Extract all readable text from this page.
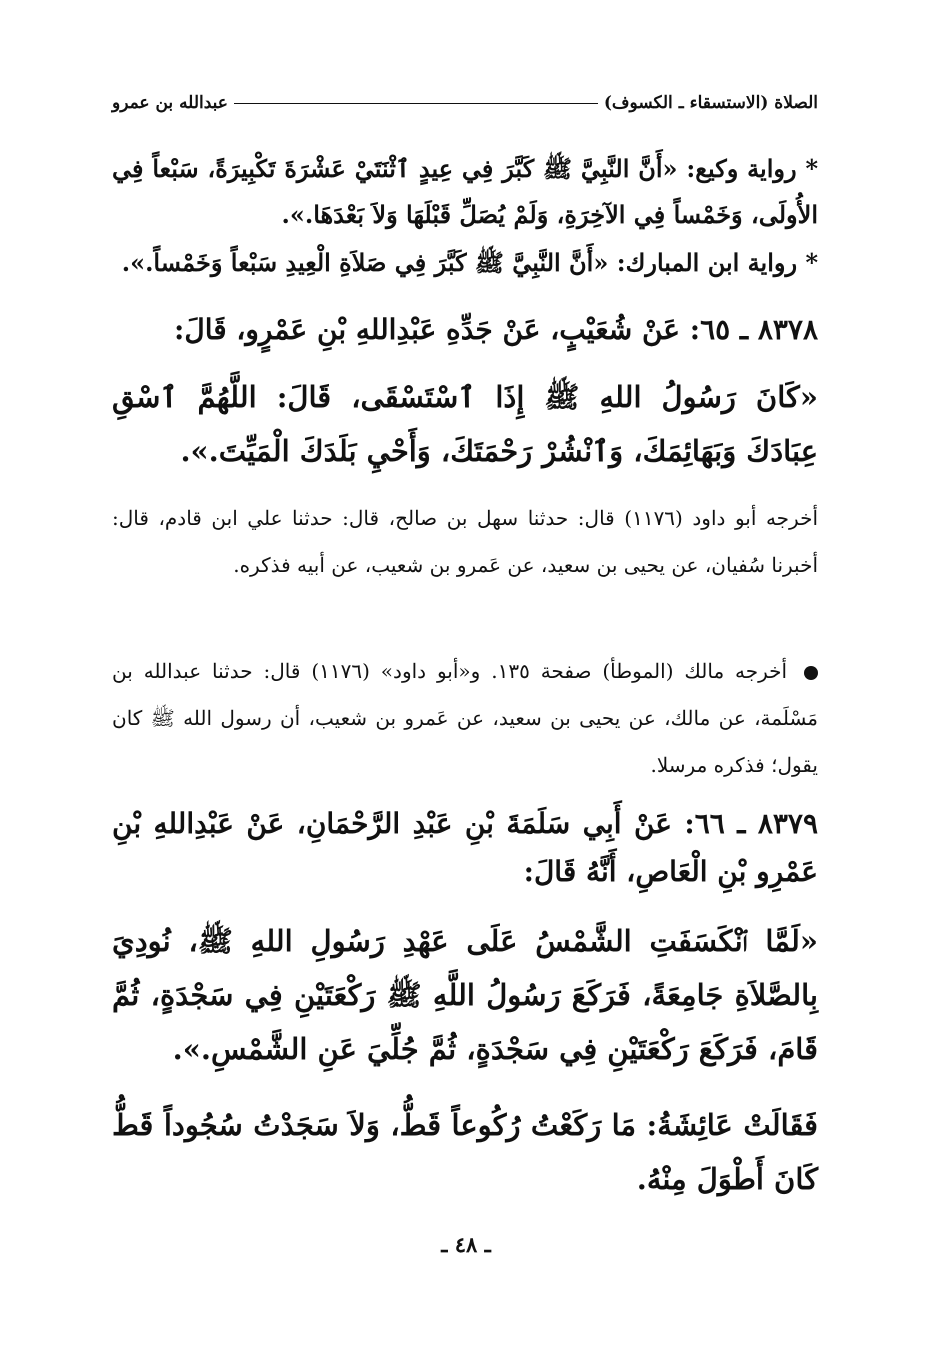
الصلاة (الاستسقاء ـ الكسوف)
عبدالله بن عمرو
* رواية وكيع: «أَنَّ النَّبِيَّ ﷺ كَبَّرَ فِي عِيدٍ ٱثْنَتَيْ عَشْرَةَ تَكْبِيرَةً، سَبْعاً فِي الأُولَى، وَخَمْساً فِي الآخِرَةِ، وَلَمْ يُصَلِّ قَبْلَهَا وَلاَ بَعْدَهَا.».
* رواية ابن المبارك: «أَنَّ النَّبِيَّ ﷺ كَبَّرَ فِي صَلاَةِ الْعِيدِ سَبْعاً وَخَمْساً.».
٨٣٧٨ ـ ٦٥: عَنْ شُعَيْبٍ، عَنْ جَدِّهِ عَبْدِاللهِ بْنِ عَمْرٍو، قَالَ:
«كَانَ رَسُولُ اللهِ ﷺ إِذَا ٱسْتَسْقَى، قَالَ: اللَّهُمَّ ٱسْقِ عِبَادَكَ وَبَهَائِمَكَ، وَٱنْشُرْ رَحْمَتَكَ، وَأَحْيِ بَلَدَكَ الْمَيِّتَ.».
أخرجه أبو داود (١١٧٦) قال: حدثنا سهل بن صالح، قال: حدثنا علي ابن قادم، قال: أخبرنا سُفيان، عن يحيى بن سعيد، عن عَمرو بن شعيب، عن أبيه فذكره.
أخرجه مالك (الموطأ) صفحة ١٣٥. و«أبو داود» (١١٧٦) قال: حدثنا عبدالله بن مَسْلَمة، عن مالك، عن يحيى بن سعيد، عن عَمرو بن شعيب، أن رسول الله ﷺ كان يقول؛ فذكره مرسلا.
٨٣٧٩ ـ ٦٦: عَنْ أَبِي سَلَمَةَ بْنِ عَبْدِ الرَّحْمَانِ، عَنْ عَبْدِاللهِ بْنِ عَمْرِو بْنِ الْعَاصِ، أَنَّهُ قَالَ:
«لَمَّا ٱنْكَسَفَتِ الشَّمْسُ عَلَى عَهْدِ رَسُولِ اللهِ ﷺ، نُودِيَ بِالصَّلاَةِ جَامِعَةً، فَرَكَعَ رَسُولُ اللَّهِ ﷺ رَكْعَتَيْنِ فِي سَجْدَةٍ، ثُمَّ قَامَ، فَرَكَعَ رَكْعَتَيْنِ فِي سَجْدَةٍ، ثُمَّ جُلِّيَ عَنِ الشَّمْسِ.».
فَقَالَتْ عَائِشَةُ: مَا رَكَعْتُ رُكُوعاً قَطُّ، وَلاَ سَجَدْتُ سُجُوداً قَطُّ كَانَ أَطْوَلَ مِنْهُ.
ـ ٤٨ ـ
